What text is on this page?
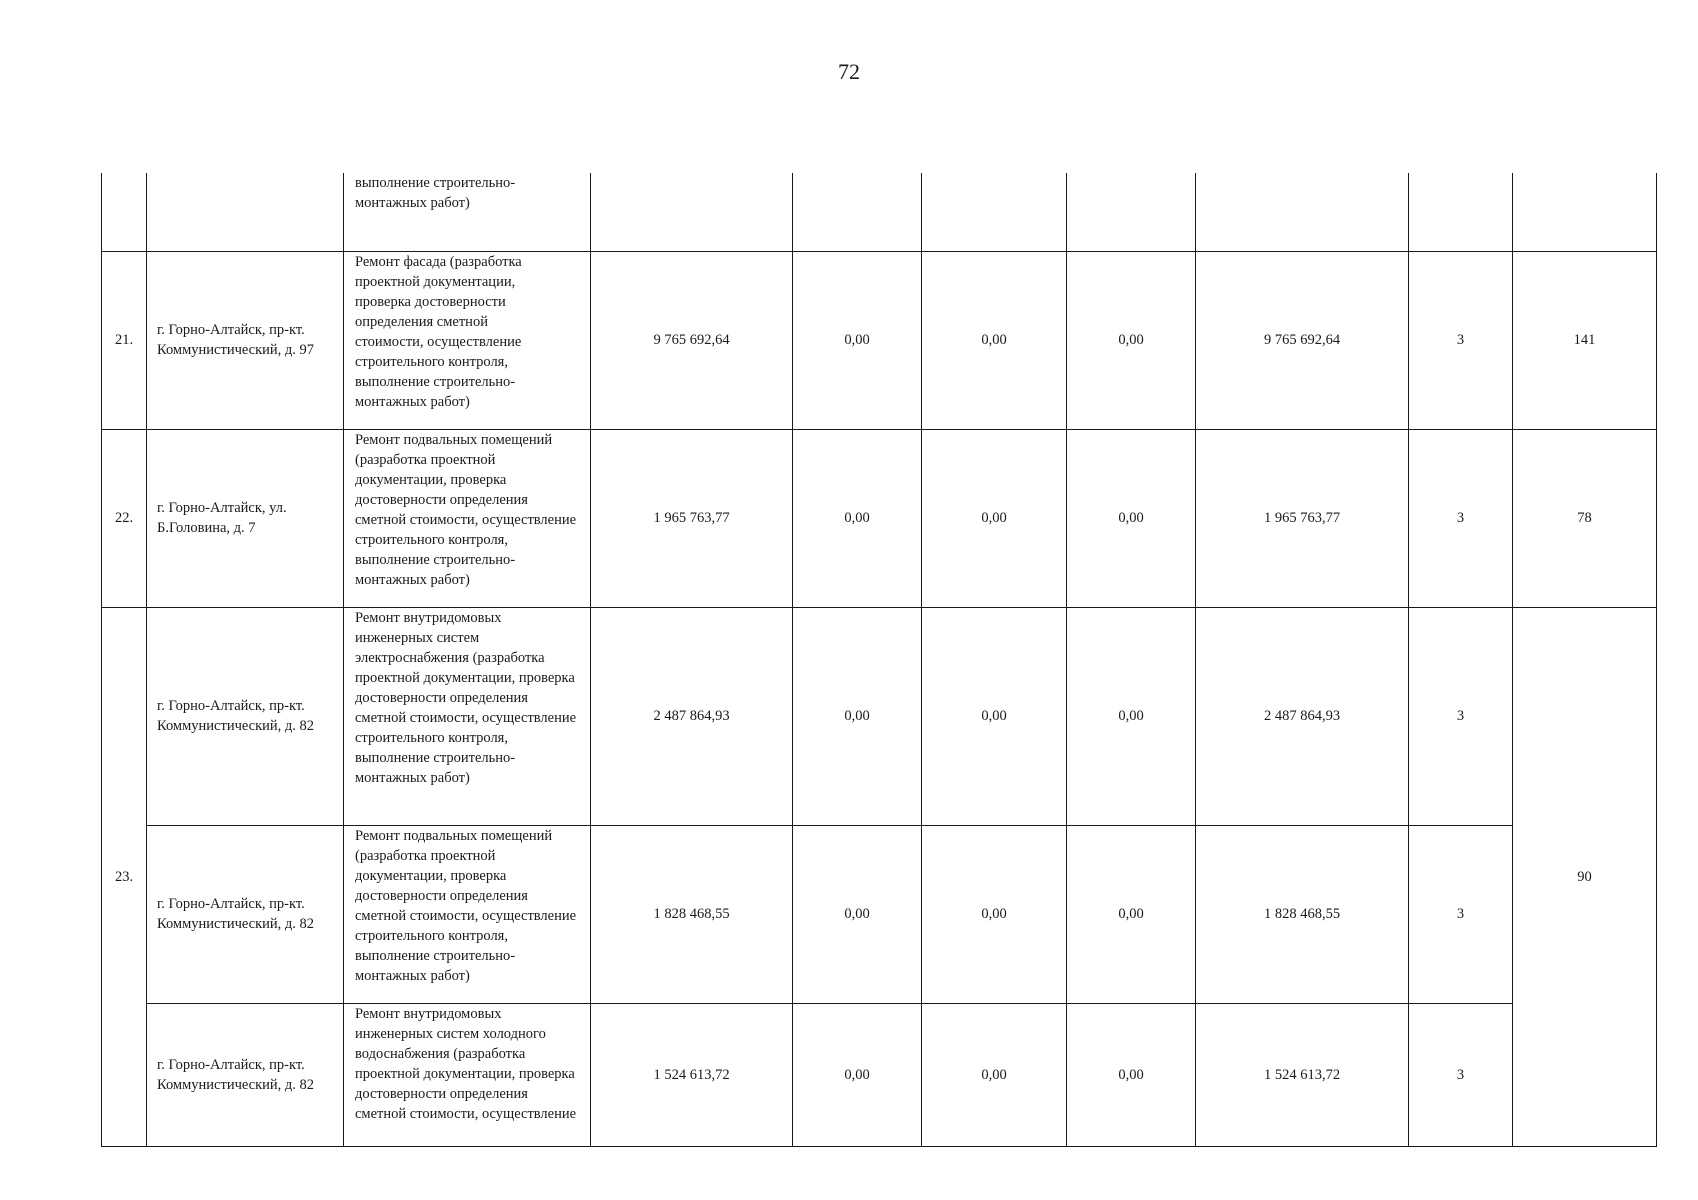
72

		выполнение строительно-монтажных работ)							

21.	г. Горно-Алтайск, пр-кт. Коммунистический, д. 97	Ремонт фасада (разработка проектной документации, проверка достоверности определения сметной стоимости, осуществление строительного контроля, выполнение строительно-монтажных работ)	9 765 692,64	0,00	0,00	0,00	9 765 692,64	3	141
22.	г. Горно-Алтайск, ул. Б.Головина, д. 7	Ремонт подвальных помещений (разработка проектной документации, проверка достоверности определения сметной стоимости, осуществление строительного контроля, выполнение строительно-монтажных работ)	1 965 763,77	0,00	0,00	0,00	1 965 763,77	3	78
23.	г. Горно-Алтайск, пр-кт. Коммунистический, д. 82	Ремонт внутридомовых инженерных систем электроснабжения (разработка проектной документации, проверка достоверности определения сметной стоимости, осуществление строительного контроля, выполнение строительно-монтажных работ)	2 487 864,93	0,00	0,00	0,00	2 487 864,93	3	90

	г. Горно-Алтайск, пр-кт. Коммунистический, д. 82	Ремонт подвальных помещений (разработка проектной документации, проверка достоверности определения сметной стоимости, осуществление строительного контроля, выполнение строительно-монтажных работ)	1 828 468,55	0,00	0,00	0,00	1 828 468,55	3	

	г. Горно-Алтайск, пр-кт. Коммунистический, д. 82	Ремонт внутридомовых инженерных систем холодного водоснабжения (разработка проектной документации, проверка достоверности определения сметной стоимости, осуществление	1 524 613,72	0,00	0,00	0,00	1 524 613,72	3	
